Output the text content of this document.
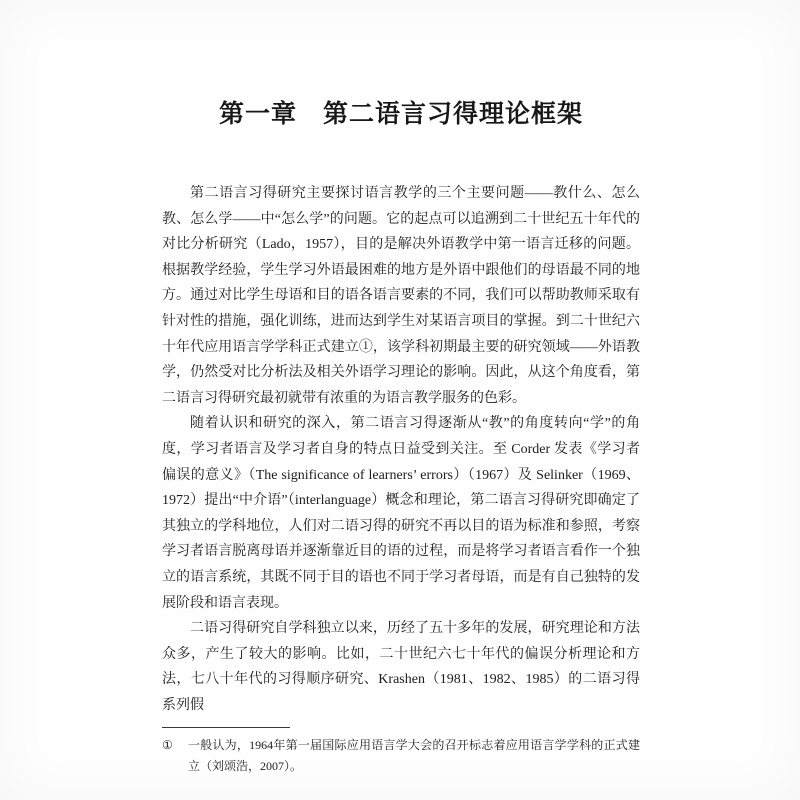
第一章　第二语言习得理论框架

第二语言习得研究主要探讨语言教学的三个主要问题——教什么、怎么教、怎么学——中“怎么学”的问题。它的起点可以追溯到二十世纪五十年代的对比分析研究（Lado，1957），目的是解决外语教学中第一语言迁移的问题。根据教学经验，学生学习外语最困难的地方是外语中跟他们的母语最不同的地方。通过对比学生母语和目的语各语言要素的不同，我们可以帮助教师采取有针对性的措施，强化训练，进而达到学生对某语言项目的掌握。到二十世纪六十年代应用语言学学科正式建立①，该学科初期最主要的研究领域——外语教学，仍然受对比分析法及相关外语学习理论的影响。因此，从这个角度看，第二语言习得研究最初就带有浓重的为语言教学服务的色彩。

随着认识和研究的深入，第二语言习得逐渐从“教”的角度转向“学”的角度，学习者语言及学习者自身的特点日益受到关注。至 Corder 发表《学习者偏误的意义》（The significance of learners’ errors）（1967）及 Selinker（1969、1972）提出“中介语”（interlanguage）概念和理论，第二语言习得研究即确定了其独立的学科地位，人们对二语习得的研究不再以目的语为标准和参照，考察学习者语言脱离母语并逐渐靠近目的语的过程，而是将学习者语言看作一个独立的语言系统，其既不同于目的语也不同于学习者母语，而是有自己独特的发展阶段和语言表现。

二语习得研究自学科独立以来，历经了五十多年的发展，研究理论和方法众多，产生了较大的影响。比如，二十世纪六七十年代的偏误分析理论和方法，七八十年代的习得顺序研究、Krashen（1981、1982、1985）的二语习得系列假

①	一般认为，1964年第一届国际应用语言学大会的召开标志着应用语言学学科的正式建立（刘颂浩，2007）。
